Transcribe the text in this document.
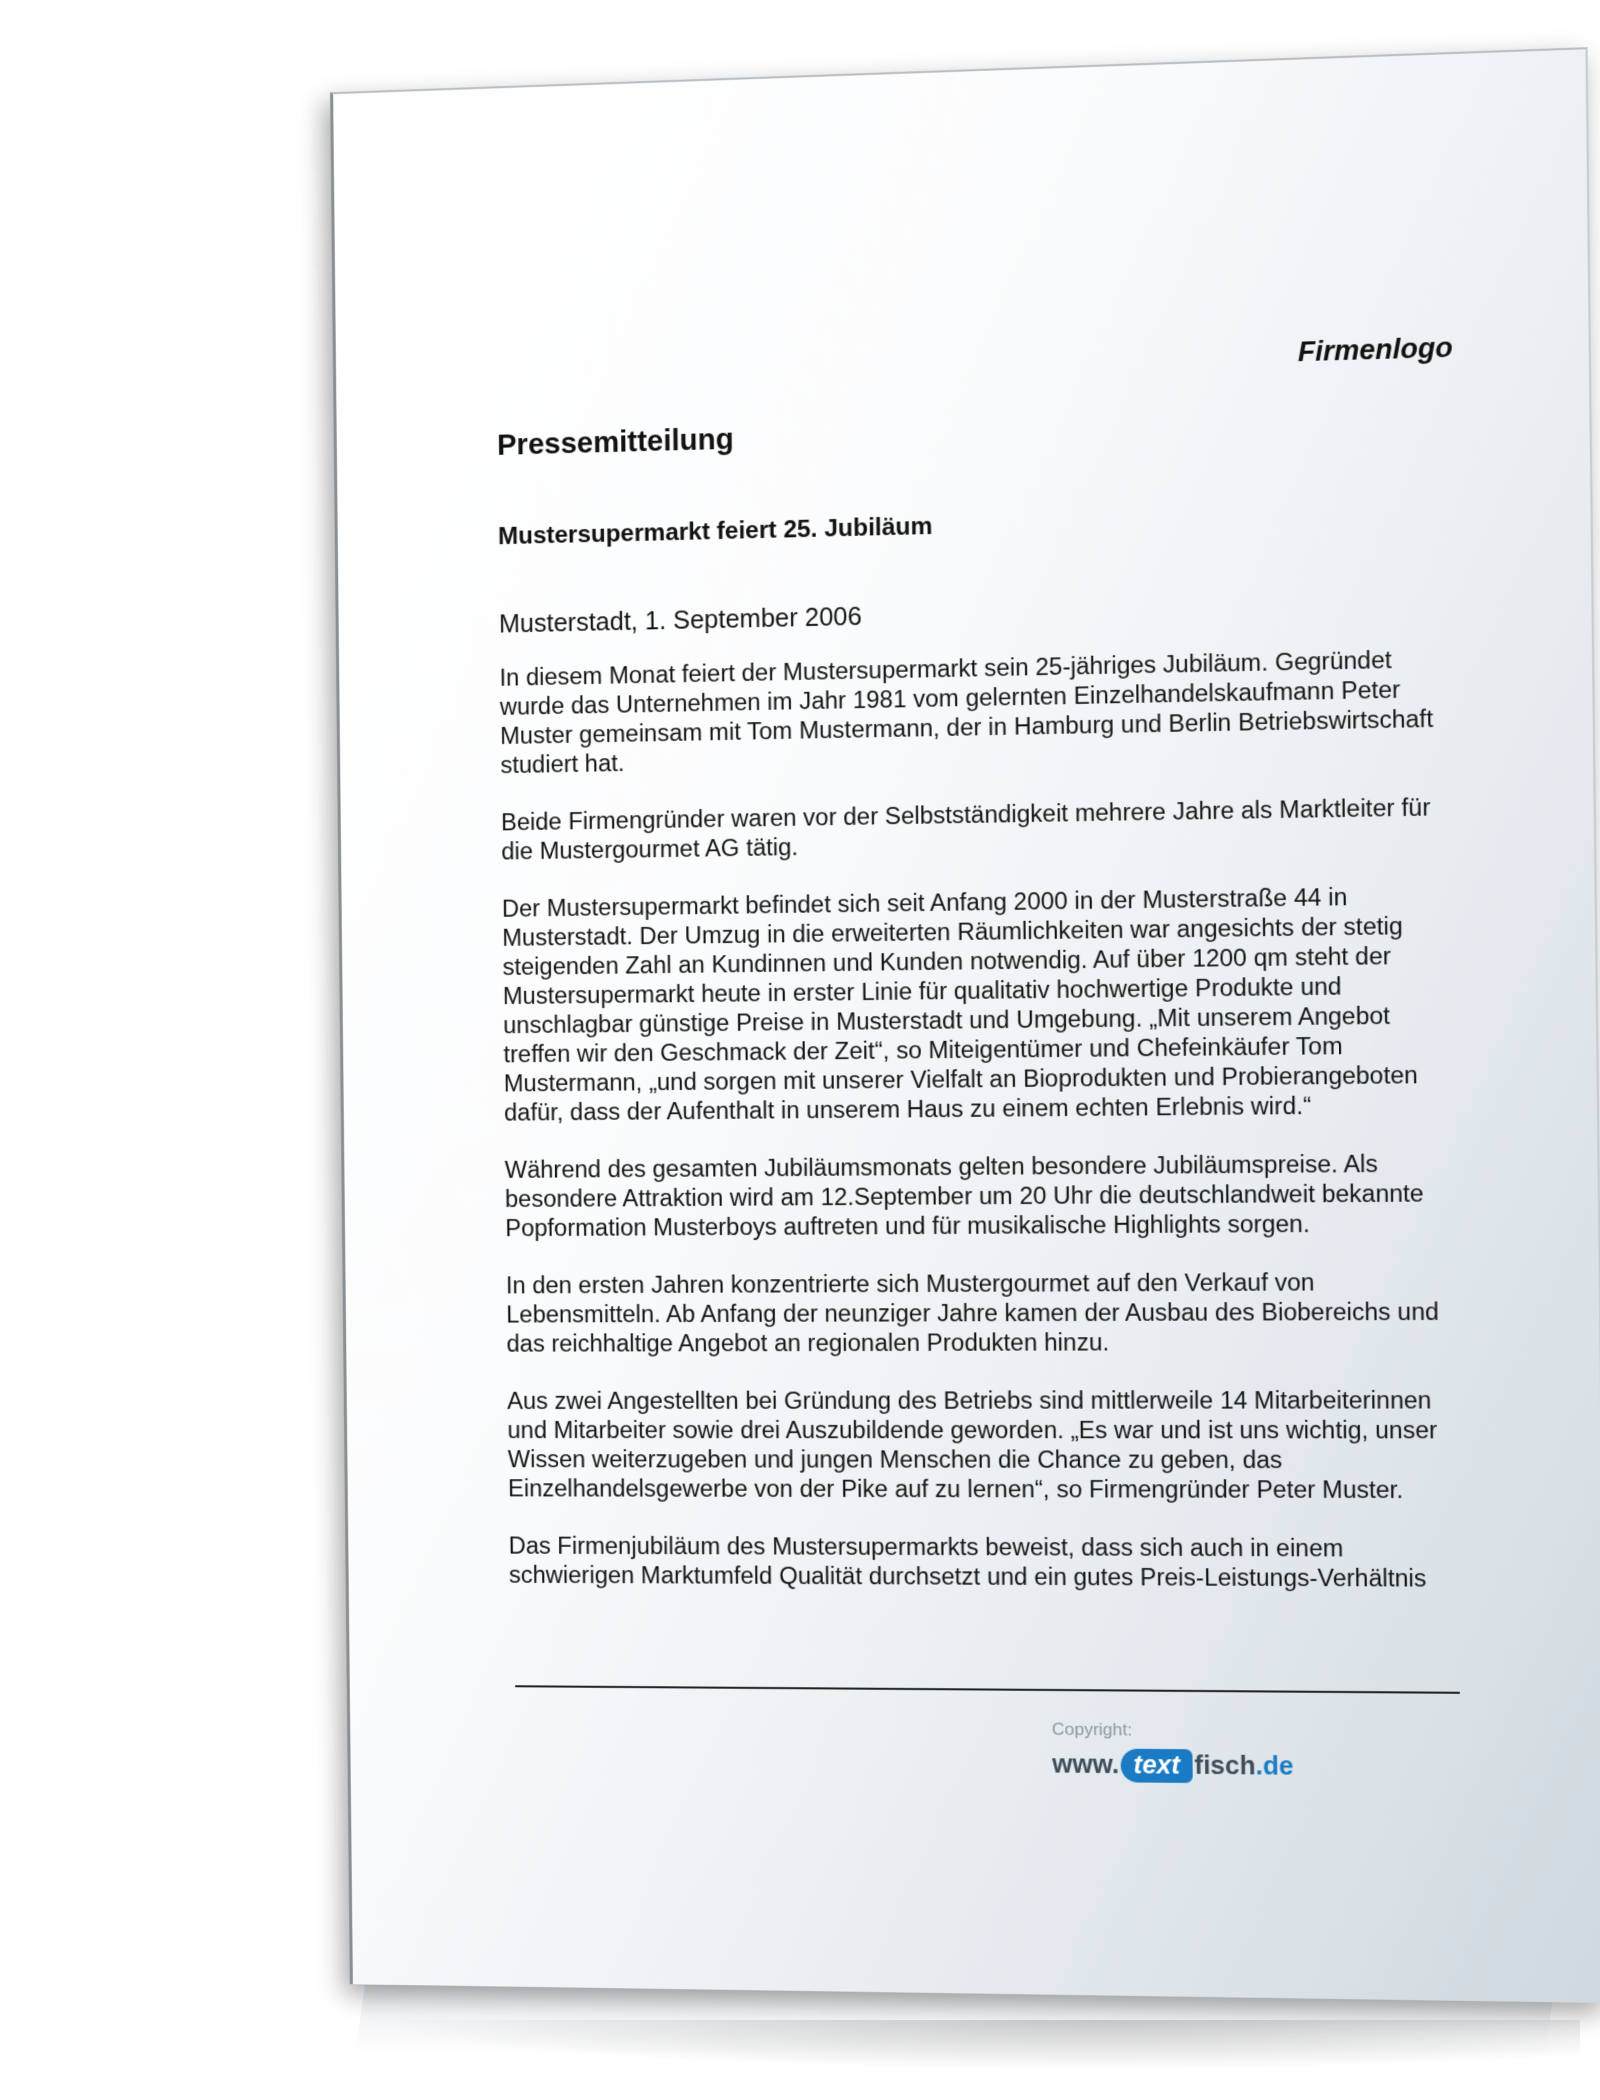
Firmenlogo
Pressemitteilung
Mustersupermarkt feiert 25. Jubiläum

Musterstadt, 1. September 2006

In diesem Monat feiert der Mustersupermarkt sein 25-jähriges Jubiläum. Gegründet wurde das Unternehmen im Jahr 1981 vom gelernten Einzelhandelskaufmann Peter Muster gemeinsam mit Tom Mustermann, der in Hamburg und Berlin Betriebswirtschaft studiert hat.

Beide Firmengründer waren vor der Selbstständigkeit mehrere Jahre als Marktleiter für die Mustergourmet AG tätig.

Der Mustersupermarkt befindet sich seit Anfang 2000 in der Musterstraße 44 in Musterstadt. Der Umzug in die erweiterten Räumlichkeiten war angesichts der stetig steigenden Zahl an Kundinnen und Kunden notwendig. Auf über 1200 qm steht der Mustersupermarkt heute in erster Linie für qualitativ hochwertige Produkte und unschlagbar günstige Preise in Musterstadt und Umgebung. „Mit unserem Angebot treffen wir den Geschmack der Zeit“, so Miteigentümer und Chefeinkäufer Tom Mustermann, „und sorgen mit unserer Vielfalt an Bioprodukten und Probierangeboten dafür, dass der Aufenthalt in unserem Haus zu einem echten Erlebnis wird.“

Während des gesamten Jubiläumsmonats gelten besondere Jubiläumspreise. Als besondere Attraktion wird am 12.September um 20 Uhr die deutschlandweit bekannte Popformation Musterboys auftreten und für musikalische Highlights sorgen.

In den ersten Jahren konzentrierte sich Mustergourmet auf den Verkauf von Lebensmitteln. Ab Anfang der neunziger Jahre kamen der Ausbau des Biobereichs und das reichhaltige Angebot an regionalen Produkten hinzu.

Aus zwei Angestellten bei Gründung des Betriebs sind mittlerweile 14 Mitarbeiterinnen und Mitarbeiter sowie drei Auszubildende geworden. „Es war und ist uns wichtig, unser Wissen weiterzugeben und jungen Menschen die Chance zu geben, das Einzelhandelsgewerbe von der Pike auf zu lernen“, so Firmengründer Peter Muster.

Das Firmenjubiläum des Mustersupermarkts beweist, dass sich auch in einem schwierigen Marktumfeld Qualität durchsetzt und ein gutes Preis-Leistungs-Verhältnis

Copyright:
www. text fisch .de
